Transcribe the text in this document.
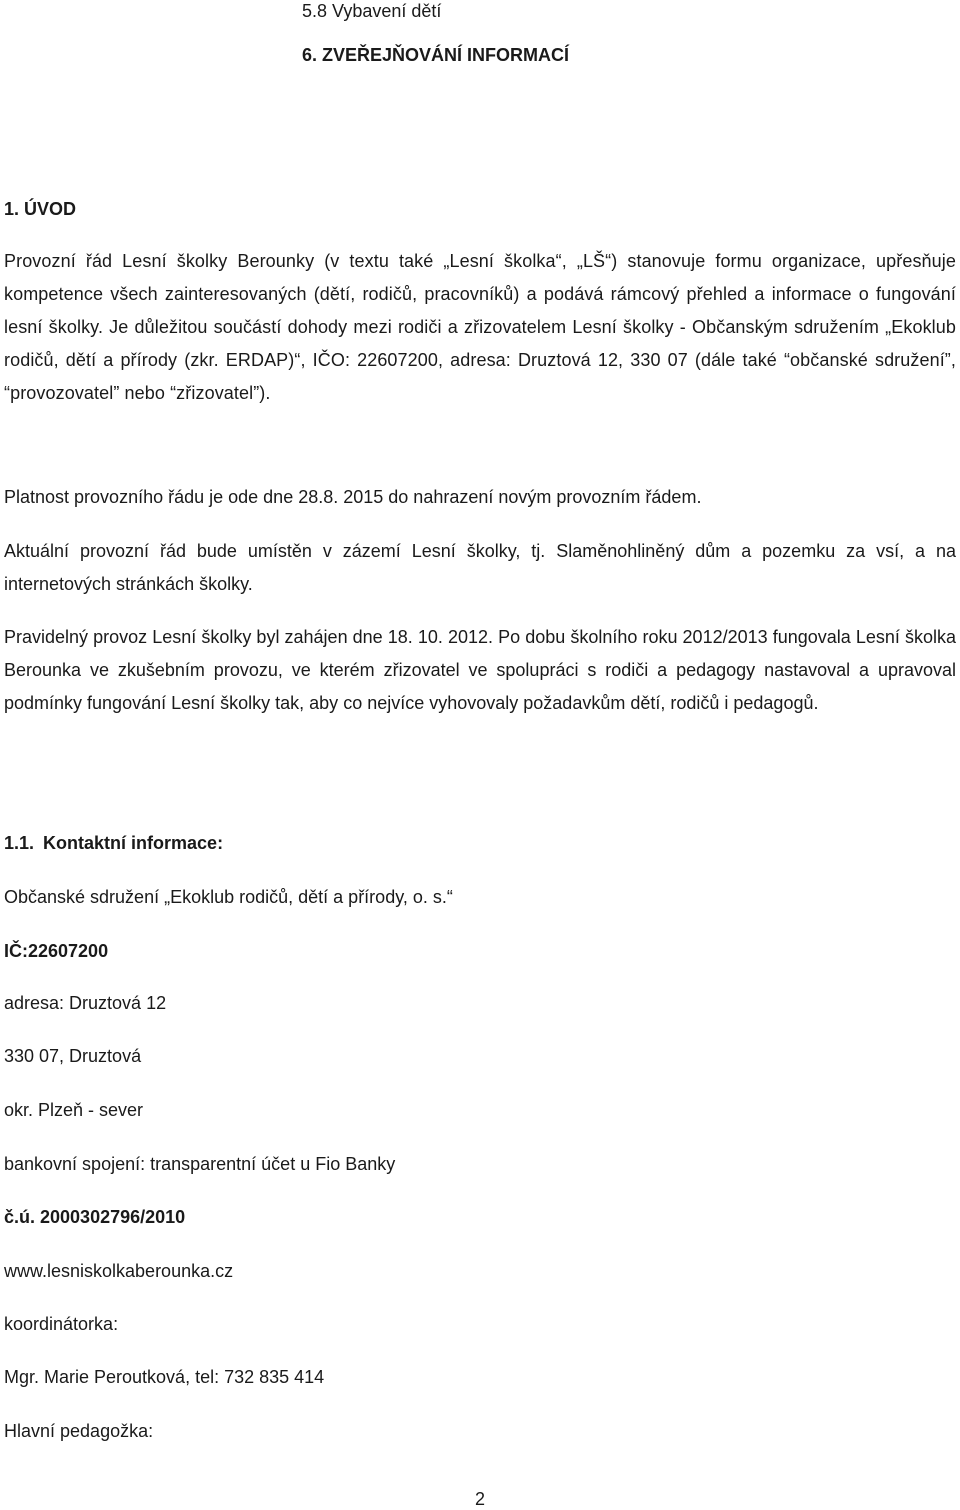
5.8 Vybavení dětí
6. ZVEŘEJŇOVÁNÍ INFORMACÍ
1. ÚVOD
Provozní řád Lesní školky Berounky (v textu také „Lesní školka“, „LŠ“) stanovuje formu organizace, upřesňuje kompetence všech zainteresovaných (dětí, rodičů, pracovníků) a podává rámcový přehled a informace o fungování lesní školky. Je důležitou součástí dohody mezi rodiči a zřizovatelem Lesní školky - Občanským sdružením „Ekoklub rodičů, dětí a přírody (zkr. ERDAP)“, IČO: 22607200, adresa: Druztová 12, 330 07 (dále také “občanské sdružení”, “provozovatel” nebo “zřizovatel”).
Platnost provozního řádu je ode dne 28.8. 2015 do nahrazení novým provozním řádem.
Aktuální provozní řád bude umístěn v zázemí Lesní školky, tj. Slaměnohliněný dům a pozemku za vsí, a na internetových stránkách školky.
Pravidelný provoz Lesní školky byl zahájen dne 18. 10. 2012. Po dobu školního roku 2012/2013 fungovala Lesní školka Berounka ve zkušebním provozu, ve kterém zřizovatel ve spolupráci s rodiči a pedagogy nastavoval a upravoval podmínky fungování Lesní školky tak, aby co nejvíce vyhovovaly požadavkům dětí, rodičů i pedagogů.
1.1. Kontaktní informace:
Občanské sdružení „Ekoklub rodičů, dětí a přírody, o. s.“
IČ:22607200
adresa: Druztová 12
330 07, Druztová
okr. Plzeň - sever
bankovní spojení: transparentní účet u Fio Banky
č.ú. 2000302796/2010
www.lesniskolkaberounka.cz
koordinátorka:
Mgr. Marie Peroutková, tel: 732 835 414
Hlavní pedagožka:
2
